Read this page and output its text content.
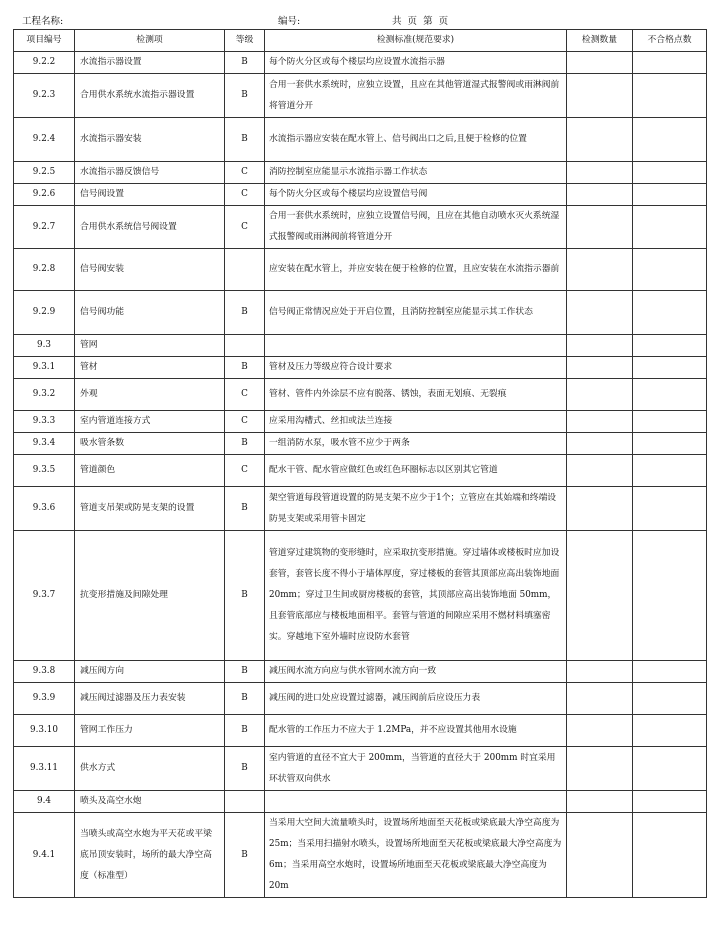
工程名称:	编号:	共  页  第  页
项目编号	检测项	等级	检测标准(规范要求)	检测数量	不合格点数
9.2.2	水流指示器设置	B	每个防火分区或每个楼层均应设置水流指示器		
9.2.3	合用供水系统水流指示器设置	B	合用一套供水系统时，应独立设置，且应在其他管道湿式报警阀或雨淋阀前将管道分开		
9.2.4	水流指示器安装	B	水流指示器应安装在配水管上、信号阀出口之后,且便于检修的位置		
9.2.5	水流指示器反馈信号	C	消防控制室应能显示水流指示器工作状态		
9.2.6	信号阀设置	C	每个防火分区或每个楼层均应设置信号阀		
9.2.7	合用供水系统信号阀设置	C	合用一套供水系统时，应独立设置信号阀，且应在其他自动喷水灭火系统湿式报警阀或雨淋阀前将管道分开		
9.2.8	信号阀安装		应安装在配水管上，并应安装在便于检修的位置，且应安装在水流指示器前		
9.2.9	信号阀功能	B	信号阀正常情况应处于开启位置，且消防控制室应能显示其工作状态		
9.3	管网				
9.3.1	管材	B	管材及压力等级应符合设计要求		
9.3.2	外观	C	管材、管件内外涂层不应有脱落、锈蚀，表面无划痕、无裂痕		
9.3.3	室内管道连接方式	C	应采用沟槽式、丝扣或法兰连接		
9.3.4	吸水管条数	B	一组消防水泵，吸水管不应少于两条		
9.3.5	管道颜色	C	配水干管、配水管应做红色或红色环圈标志以区别其它管道		
9.3.6	管道支吊架或防晃支架的设置	B	架空管道每段管道设置的防晃支架不应少于1个；立管应在其始端和终端设防晃支架或采用管卡固定		
9.3.7	抗变形措施及间隙处理	B	管道穿过建筑物的变形缝时，应采取抗变形措施。穿过墙体或楼板时应加设套管，套管长度不得小于墙体厚度，穿过楼板的套管其顶部应高出装饰地面 20mm；穿过卫生间或厨房楼板的套管，其顶部应高出装饰地面 50mm，且套管底部应与楼板地面相平。套管与管道的间隙应采用不燃材料填塞密实。穿越地下室外墙时应设防水套管		
9.3.8	减压阀方向	B	减压阀水流方向应与供水管网水流方向一致		
9.3.9	减压阀过滤器及压力表安装	B	减压阀的进口处应设置过滤器，减压阀前后应设压力表		
9.3.10	管网工作压力	B	配水管的工作压力不应大于 1.2MPa，并不应设置其他用水设施		
9.3.11	供水方式	B	室内管道的直径不宜大于 200mm，当管道的直径大于 200mm 时宜采用环状管双向供水		
9.4	喷头及高空水炮				
9.4.1	当喷头或高空水炮为平天花或平梁底吊顶安装时，场所的最大净空高度（标准型）	B	当采用大空间大流量喷头时，设置场所地面至天花板或梁底最大净空高度为 25m；当采用扫描射水喷头，设置场所地面至天花板或梁底最大净空高度为 6m；当采用高空水炮时，设置场所地面至天花板或梁底最大净空高度为 20m		
